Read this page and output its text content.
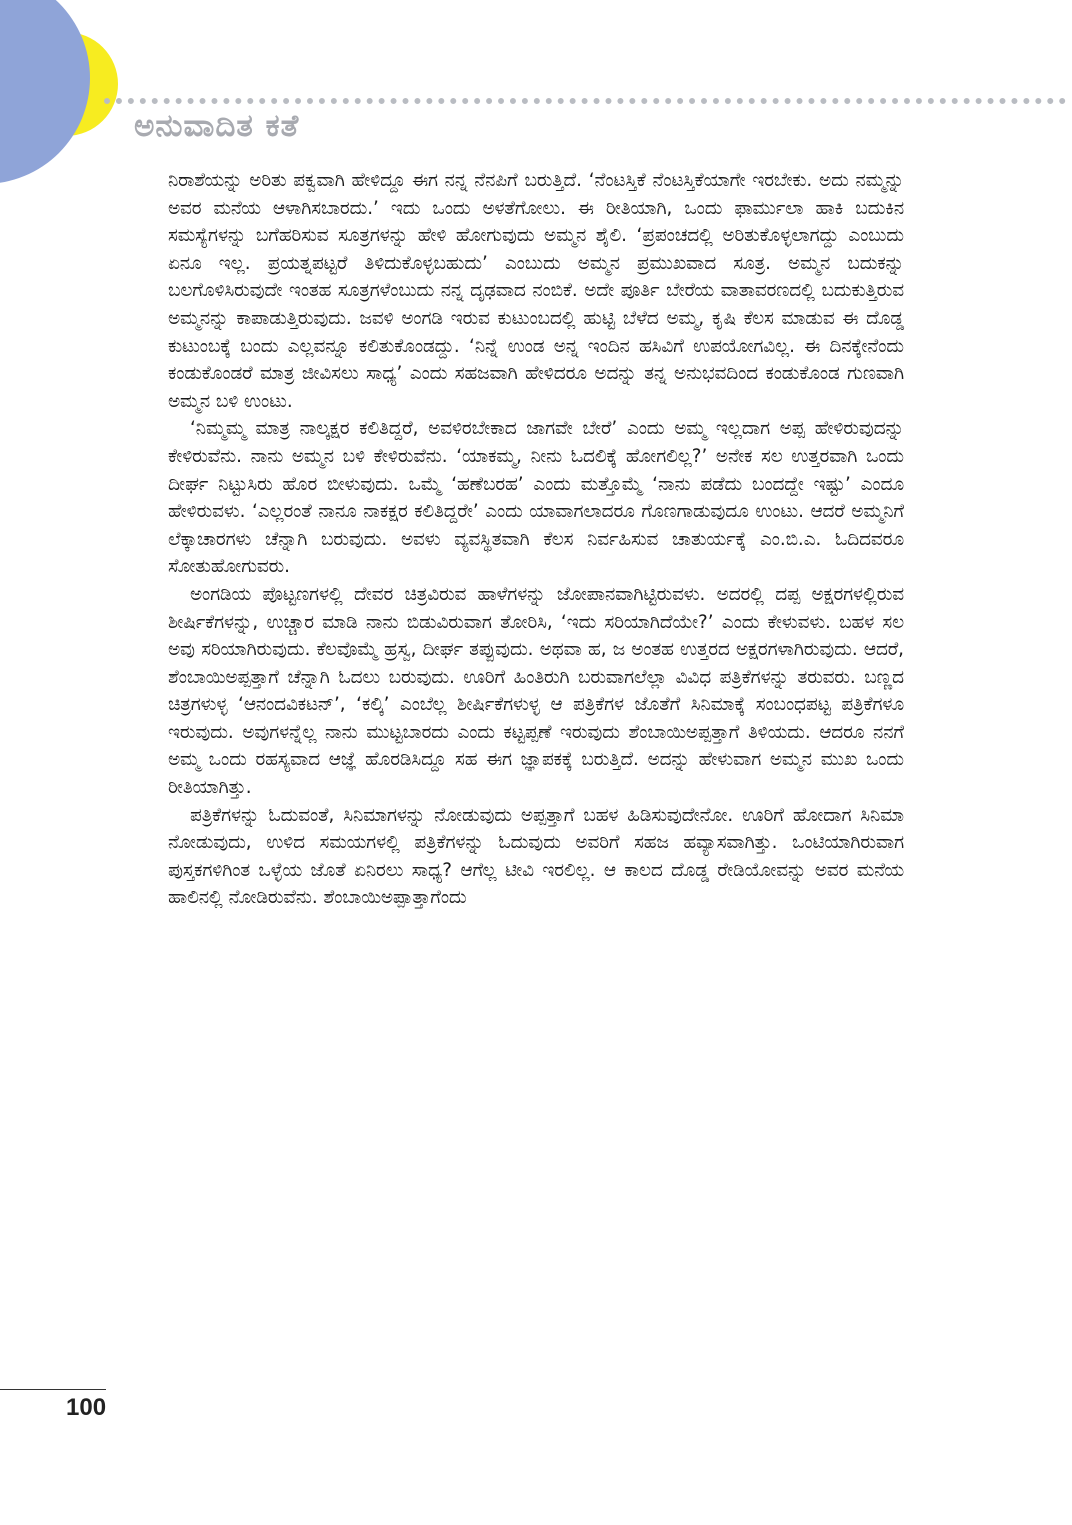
ಅನುವಾದಿತ ಕತೆ

ನಿರಾಶೆಯನ್ನು ಅರಿತು ಪಕ್ವವಾಗಿ ಹೇಳಿದ್ದೂ ಈಗ ನನ್ನ ನೆನಪಿಗೆ ಬರುತ್ತಿದೆ. ‘ನೆಂಟಸ್ತಿಕೆ ನೆಂಟಸ್ತಿಕೆಯಾಗೇ ಇರಬೇಕು. ಅದು ನಮ್ಮನ್ನು ಅವರ ಮನೆಯ ಆಳಾಗಿಸಬಾರದು.’ ಇದು ಒಂದು ಅಳತೆಗೋಲು. ಈ ರೀತಿಯಾಗಿ, ಒಂದು ಫಾರ್ಮುಲಾ ಹಾಕಿ ಬದುಕಿನ ಸಮಸ್ಯೆಗಳನ್ನು ಬಗೆಹರಿಸುವ ಸೂತ್ರಗಳನ್ನು ಹೇಳಿ ಹೋಗುವುದು ಅಮ್ಮನ ಶೈಲಿ. ‘ಪ್ರಪಂಚದಲ್ಲಿ ಅರಿತುಕೊಳ್ಳಲಾಗದ್ದು ಎಂಬುದು ಏನೂ ಇಲ್ಲ. ಪ್ರಯತ್ನಪಟ್ಟರೆ ತಿಳಿದುಕೊಳ್ಳಬಹುದು’ ಎಂಬುದು ಅಮ್ಮನ ಪ್ರಮುಖವಾದ ಸೂತ್ರ. ಅಮ್ಮನ ಬದುಕನ್ನು ಬಲಗೊಳಿಸಿರುವುದೇ ಇಂತಹ ಸೂತ್ರಗಳೆಂಬುದು ನನ್ನ ದೃಢವಾದ ನಂಬಿಕೆ. ಅದೇ ಪೂರ್ತಿ ಬೇರೆಯ ವಾತಾವರಣದಲ್ಲಿ ಬದುಕುತ್ತಿರುವ ಅಮ್ಮನನ್ನು ಕಾಪಾಡುತ್ತಿರುವುದು. ಜವಳಿ ಅಂಗಡಿ ಇರುವ ಕುಟುಂಬದಲ್ಲಿ ಹುಟ್ಟಿ ಬೆಳೆದ ಅಮ್ಮ, ಕೃಷಿ ಕೆಲಸ ಮಾಡುವ ಈ ದೊಡ್ಡ ಕುಟುಂಬಕ್ಕೆ ಬಂದು ಎಲ್ಲವನ್ನೂ ಕಲಿತುಕೊಂಡದ್ದು. ‘ನಿನ್ನೆ ಉಂಡ ಅನ್ನ ಇಂದಿನ ಹಸಿವಿಗೆ ಉಪಯೋಗವಿಲ್ಲ. ಈ ದಿನಕ್ಕೇನೆಂದು ಕಂಡುಕೊಂಡರೆ ಮಾತ್ರ ಜೀವಿಸಲು ಸಾಧ್ಯ’ ಎಂದು ಸಹಜವಾಗಿ ಹೇಳಿದರೂ ಅದನ್ನು ತನ್ನ ಅನುಭವದಿಂದ ಕಂಡುಕೊಂಡ ಗುಣವಾಗಿ ಅಮ್ಮನ ಬಳಿ ಉಂಟು.

‘ನಿಮ್ಮಮ್ಮ ಮಾತ್ರ ನಾಲ್ಕಕ್ಷರ ಕಲಿತಿದ್ದರೆ, ಅವಳಿರಬೇಕಾದ ಜಾಗವೇ ಬೇರೆ’ ಎಂದು ಅಮ್ಮ ಇಲ್ಲದಾಗ ಅಪ್ಪ ಹೇಳಿರುವುದನ್ನು ಕೇಳಿರುವೆನು. ನಾನು ಅಮ್ಮನ ಬಳಿ ಕೇಳಿರುವೆನು. ‘ಯಾಕಮ್ಮ, ನೀನು ಓದಲಿಕ್ಕೆ ಹೋಗಲಿಲ್ಲ?’ ಅನೇಕ ಸಲ ಉತ್ತರವಾಗಿ ಒಂದು ದೀರ್ಘ ನಿಟ್ಟುಸಿರು ಹೊರ ಬೀಳುವುದು. ಒಮ್ಮೆ ‘ಹಣೆಬರಹ’ ಎಂದು ಮತ್ತೊಮ್ಮೆ ‘ನಾನು ಪಡೆದು ಬಂದದ್ದೇ ಇಷ್ಟು’ ಎಂದೂ ಹೇಳಿರುವಳು. ‘ಎಲ್ಲರಂತೆ ನಾನೂ ನಾಕಕ್ಷರ ಕಲಿತಿದ್ದರೇ’ ಎಂದು ಯಾವಾಗಲಾದರೂ ಗೊಣಗಾಡುವುದೂ ಉಂಟು. ಆದರೆ ಅಮ್ಮನಿಗೆ ಲೆಕ್ಕಾಚಾರಗಳು ಚೆನ್ನಾಗಿ ಬರುವುದು. ಅವಳು ವ್ಯವಸ್ಥಿತವಾಗಿ ಕೆಲಸ ನಿರ್ವಹಿಸುವ ಚಾತುರ್ಯಕ್ಕೆ ಎಂ.ಬಿ.ಎ. ಓದಿದವರೂ ಸೋತುಹೋಗುವರು.

ಅಂಗಡಿಯ ಪೊಟ್ಟಣಗಳಲ್ಲಿ ದೇವರ ಚಿತ್ರವಿರುವ ಹಾಳೆಗಳನ್ನು ಜೋಪಾನವಾಗಿಟ್ಟಿರುವಳು. ಅದರಲ್ಲಿ ದಪ್ಪ ಅಕ್ಷರಗಳಲ್ಲಿರುವ ಶೀರ್ಷಿಕೆಗಳನ್ನು, ಉಚ್ಚಾರ ಮಾಡಿ ನಾನು ಬಿಡುವಿರುವಾಗ ತೋರಿಸಿ, ‘ಇದು ಸರಿಯಾಗಿದೆಯೇ?’ ಎಂದು ಕೇಳುವಳು. ಬಹಳ ಸಲ ಅವು ಸರಿಯಾಗಿರುವುದು. ಕೆಲವೊಮ್ಮೆ ಹ್ರಸ್ವ, ದೀರ್ಘ ತಪ್ಪುವುದು. ಅಥವಾ ಹ, ಜ ಅಂತಹ ಉತ್ತರದ ಅಕ್ಷರಗಳಾಗಿರುವುದು. ಆದರೆ, ಶೆಂಬಾಯಿಅಪ್ಪತ್ತಾಗೆ ಚೆನ್ನಾಗಿ ಓದಲು ಬರುವುದು. ಊರಿಗೆ ಹಿಂತಿರುಗಿ ಬರುವಾಗಲೆಲ್ಲಾ ವಿವಿಧ ಪತ್ರಿಕೆಗಳನ್ನು ತರುವರು. ಬಣ್ಣದ ಚಿತ್ರಗಳುಳ್ಳ ‘ಆನಂದವಿಕಟನ್’, ‘ಕಲ್ಕಿ’ ಎಂಬೆಲ್ಲ ಶೀರ್ಷಿಕೆಗಳುಳ್ಳ ಆ ಪತ್ರಿಕೆಗಳ ಜೊತೆಗೆ ಸಿನಿಮಾಕ್ಕೆ ಸಂಬಂಧಪಟ್ಟ ಪತ್ರಿಕೆಗಳೂ ಇರುವುದು. ಅವುಗಳನ್ನೆಲ್ಲ ನಾನು ಮುಟ್ಟಬಾರದು ಎಂದು ಕಟ್ಟಪ್ಪಣೆ ಇರುವುದು ಶೆಂಬಾಯಿಅಪ್ಪತ್ತಾಗೆ ತಿಳಿಯದು. ಆದರೂ ನನಗೆ ಅಮ್ಮ ಒಂದು ರಹಸ್ಯವಾದ ಆಜ್ಞೆ ಹೊರಡಿಸಿದ್ದೂ ಸಹ ಈಗ ಜ್ಞಾಪಕಕ್ಕೆ ಬರುತ್ತಿದೆ. ಅದನ್ನು ಹೇಳುವಾಗ ಅಮ್ಮನ ಮುಖ ಒಂದು ರೀತಿಯಾಗಿತ್ತು.

ಪತ್ರಿಕೆಗಳನ್ನು ಓದುವಂತೆ, ಸಿನಿಮಾಗಳನ್ನು ನೋಡುವುದು ಅಪ್ಪತ್ತಾಗೆ ಬಹಳ ಹಿಡಿಸುವುದೇನೋ. ಊರಿಗೆ ಹೋದಾಗ ಸಿನಿಮಾ ನೋಡುವುದು, ಉಳಿದ ಸಮಯಗಳಲ್ಲಿ ಪತ್ರಿಕೆಗಳನ್ನು ಓದುವುದು ಅವರಿಗೆ ಸಹಜ ಹವ್ಯಾಸವಾಗಿತ್ತು. ಒಂಟಿಯಾಗಿರುವಾಗ ಪುಸ್ತಕಗಳಿಗಿಂತ ಒಳ್ಳೆಯ ಜೊತೆ ಏನಿರಲು ಸಾಧ್ಯ? ಆಗೆಲ್ಲ ಟೀವಿ ಇರಲಿಲ್ಲ. ಆ ಕಾಲದ ದೊಡ್ಡ ರೇಡಿಯೋವನ್ನು ಅವರ ಮನೆಯ ಹಾಲಿನಲ್ಲಿ ನೋಡಿರುವೆನು. ಶೆಂಬಾಯಿಅಪ್ಪಾತ್ತಾಗೆಂದು

100
